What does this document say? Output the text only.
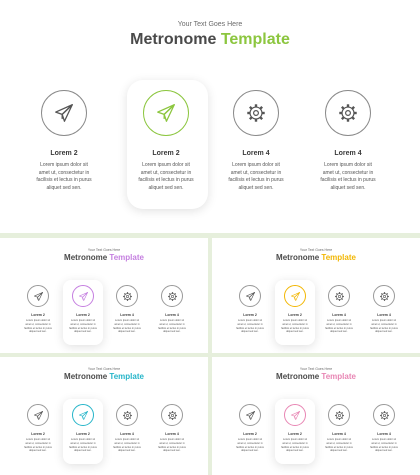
Your Text Goes Here
Metronome Template
Lorem 2
Lorem ipsum dolor sit
amet ut, consectetur in
facilisis et lectus in purus
aliquet sed sen.
Lorem 2
Lorem ipsum dolor sit
amet ut, consectetur in
facilisis et lectus in purus
aliquet sed sen.
Lorem 4
Lorem ipsum dolor sit
amet ut, consectetur in
facilisis et lectus in purus
aliquet sed sen.
Lorem 4
Lorem ipsum dolor sit
amet ut, consectetur in
facilisis et lectus in purus
aliquet sed sen.
Your Text Goes Here
Metronome Template
Lorem 2
Lorem ipsum dolor sit
amet ut, consectetur in
facilisis et lectus in purus
aliquet sed sen.
Lorem 2
Lorem ipsum dolor sit
amet ut, consectetur in
facilisis et lectus in purus
aliquet sed sen.
Lorem 4
Lorem ipsum dolor sit
amet ut, consectetur in
facilisis et lectus in purus
aliquet sed sen.
Lorem 4
Lorem ipsum dolor sit
amet ut, consectetur in
facilisis et lectus in purus
aliquet sed sen.
Your Text Goes Here
Metronome Template
Lorem 2
Lorem ipsum dolor sit
amet ut, consectetur in
facilisis et lectus in purus
aliquet sed sen.
Lorem 2
Lorem ipsum dolor sit
amet ut, consectetur in
facilisis et lectus in purus
aliquet sed sen.
Lorem 4
Lorem ipsum dolor sit
amet ut, consectetur in
facilisis et lectus in purus
aliquet sed sen.
Lorem 4
Lorem ipsum dolor sit
amet ut, consectetur in
facilisis et lectus in purus
aliquet sed sen.
Your Text Goes Here
Metronome Template
Lorem 2
Lorem ipsum dolor sit
amet ut, consectetur in
facilisis et lectus in purus
aliquet sed sen.
Lorem 2
Lorem ipsum dolor sit
amet ut, consectetur in
facilisis et lectus in purus
aliquet sed sen.
Lorem 4
Lorem ipsum dolor sit
amet ut, consectetur in
facilisis et lectus in purus
aliquet sed sen.
Lorem 4
Lorem ipsum dolor sit
amet ut, consectetur in
facilisis et lectus in purus
aliquet sed sen.
Your Text Goes Here
Metronome Template
Lorem 2
Lorem ipsum dolor sit
amet ut, consectetur in
facilisis et lectus in purus
aliquet sed sen.
Lorem 2
Lorem ipsum dolor sit
amet ut, consectetur in
facilisis et lectus in purus
aliquet sed sen.
Lorem 4
Lorem ipsum dolor sit
amet ut, consectetur in
facilisis et lectus in purus
aliquet sed sen.
Lorem 4
Lorem ipsum dolor sit
amet ut, consectetur in
facilisis et lectus in purus
aliquet sed sen.
